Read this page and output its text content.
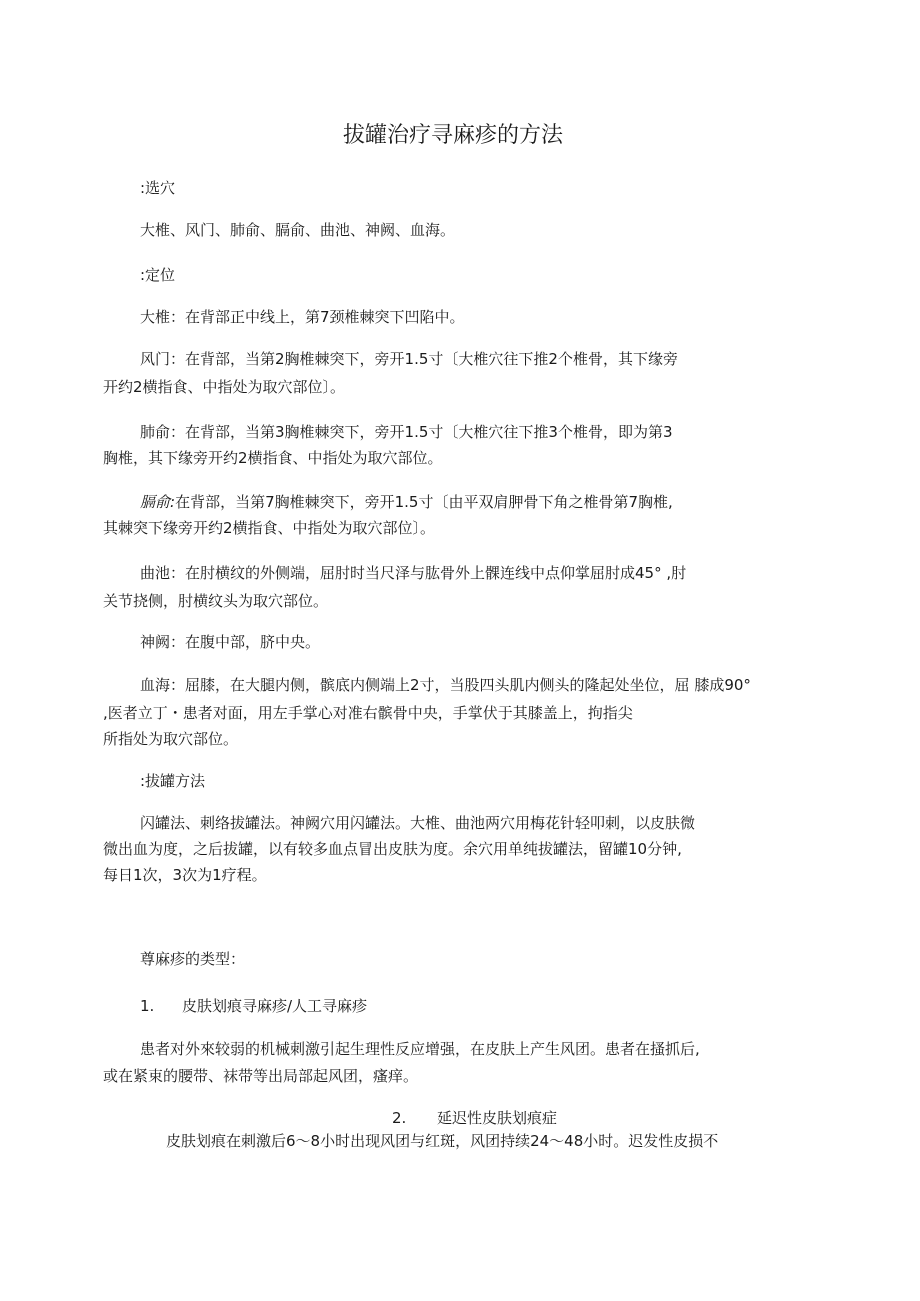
拔罐治疗寻麻疹的方法

:选穴

大椎、风门、肺俞、膈俞、曲池、神阙、血海。

:定位

大椎：在背部正中线上，第7颈椎棘突下凹陷中。

风门：在背部，当第2胸椎棘突下，旁开1.5寸〔大椎穴往下推2个椎骨，其下缘旁

开约2横指食、中指处为取穴部位〕。

肺俞：在背部，当第3胸椎棘突下，旁开1.5寸〔大椎穴往下推3个椎骨，即为第3

胸椎，其下缘旁开约2横指食、中指处为取穴部位。

膈俞:在背部，当第7胸椎棘突下，旁开1.5寸〔由平双肩胛骨下角之椎骨第7胸椎,

其棘突下缘旁开约2横指食、中指处为取穴部位〕。

曲池：在肘横纹的外侧端，屈肘时当尺泽与肱骨外上髁连线中点仰掌屈肘成45° ,肘

关节挠侧，肘横纹头为取穴部位。

神阙：在腹中部，脐中央。

血海：屈膝，在大腿内侧，髌底内侧端上2寸，当股四头肌内侧头的隆起处坐位，屈 膝成90°

,医者立丁・患者对面，用左手掌心对准右髌骨中央，手掌伏于其膝盖上，拘指尖

所指处为取穴部位。

:拔罐方法

闪罐法、刺络拔罐法。神阙穴用闪罐法。大椎、曲池两穴用梅花针轻叩刺，以皮肤微

微出血为度，之后拔罐，以有较多血点冒出皮肤为度。余穴用单纯拔罐法，留罐10分钟,

每日1次，3次为1疗程。

尊麻疹的类型：

1. 皮肤划痕寻麻疹/人工寻麻疹

患者对外來较弱的机械刺激引起生理性反应增强，在皮肤上产生风团。患者在搔抓后,

或在紧束的腰带、袜带等出局部起风团，瘙痒。

2. 延迟性皮肤划痕症

皮肤划痕在刺激后6～8小时出现风团与红斑，风团持续24～48小时。迟发性皮损不
